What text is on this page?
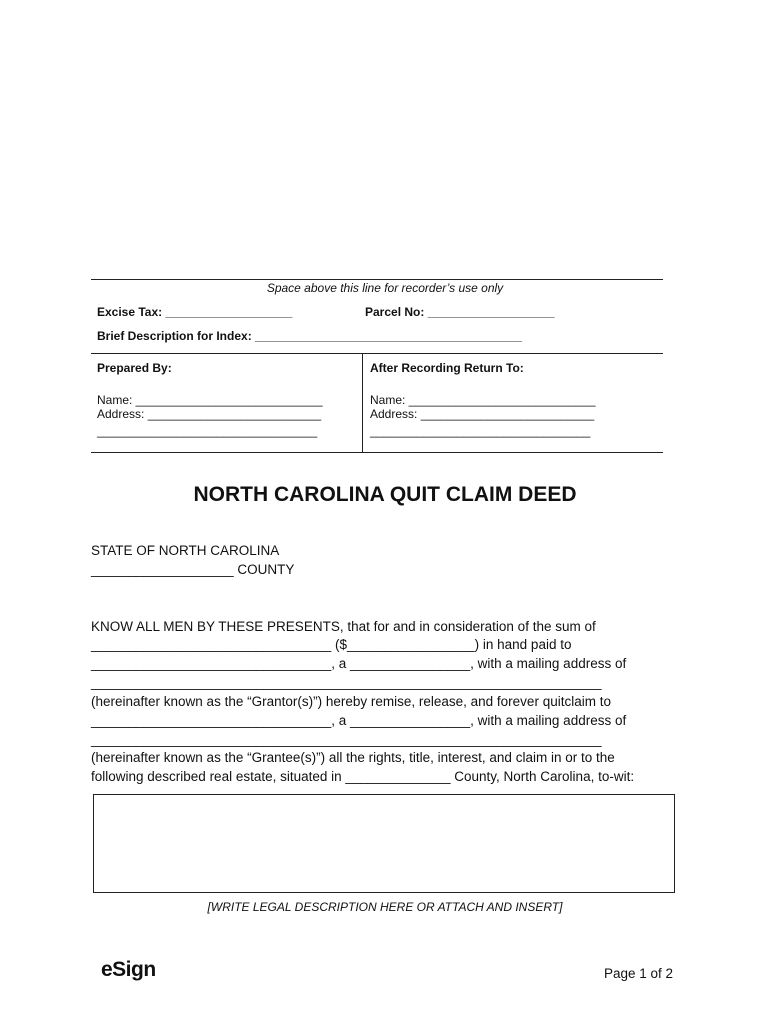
Space above this line for recorder’s use only
Excise Tax: ___________________	Parcel No: ___________________
Brief Description for Index: ________________________________________
Prepared By:
Name: ____________________________
Address: __________________________
_________________________________
After Recording Return To:
Name: ____________________________
Address: __________________________
_________________________________
NORTH CAROLINA QUIT CLAIM DEED
STATE OF NORTH CAROLINA
___________________ COUNTY
KNOW ALL MEN BY THESE PRESENTS, that for and in consideration of the sum of
________________________________ ($_________________) in hand paid to
________________________________, a ________________, with a mailing address of
____________________________________________________________________
(hereinafter known as the “Grantor(s)”) hereby remise, release, and forever quitclaim to
________________________________, a ________________, with a mailing address of
____________________________________________________________________
(hereinafter known as the “Grantee(s)”) all the rights, title, interest, and claim in or to the
following described real estate, situated in ______________ County, North Carolina, to-wit:
[WRITE LEGAL DESCRIPTION HERE OR ATTACH AND INSERT]
eSign	Page 1 of 2
